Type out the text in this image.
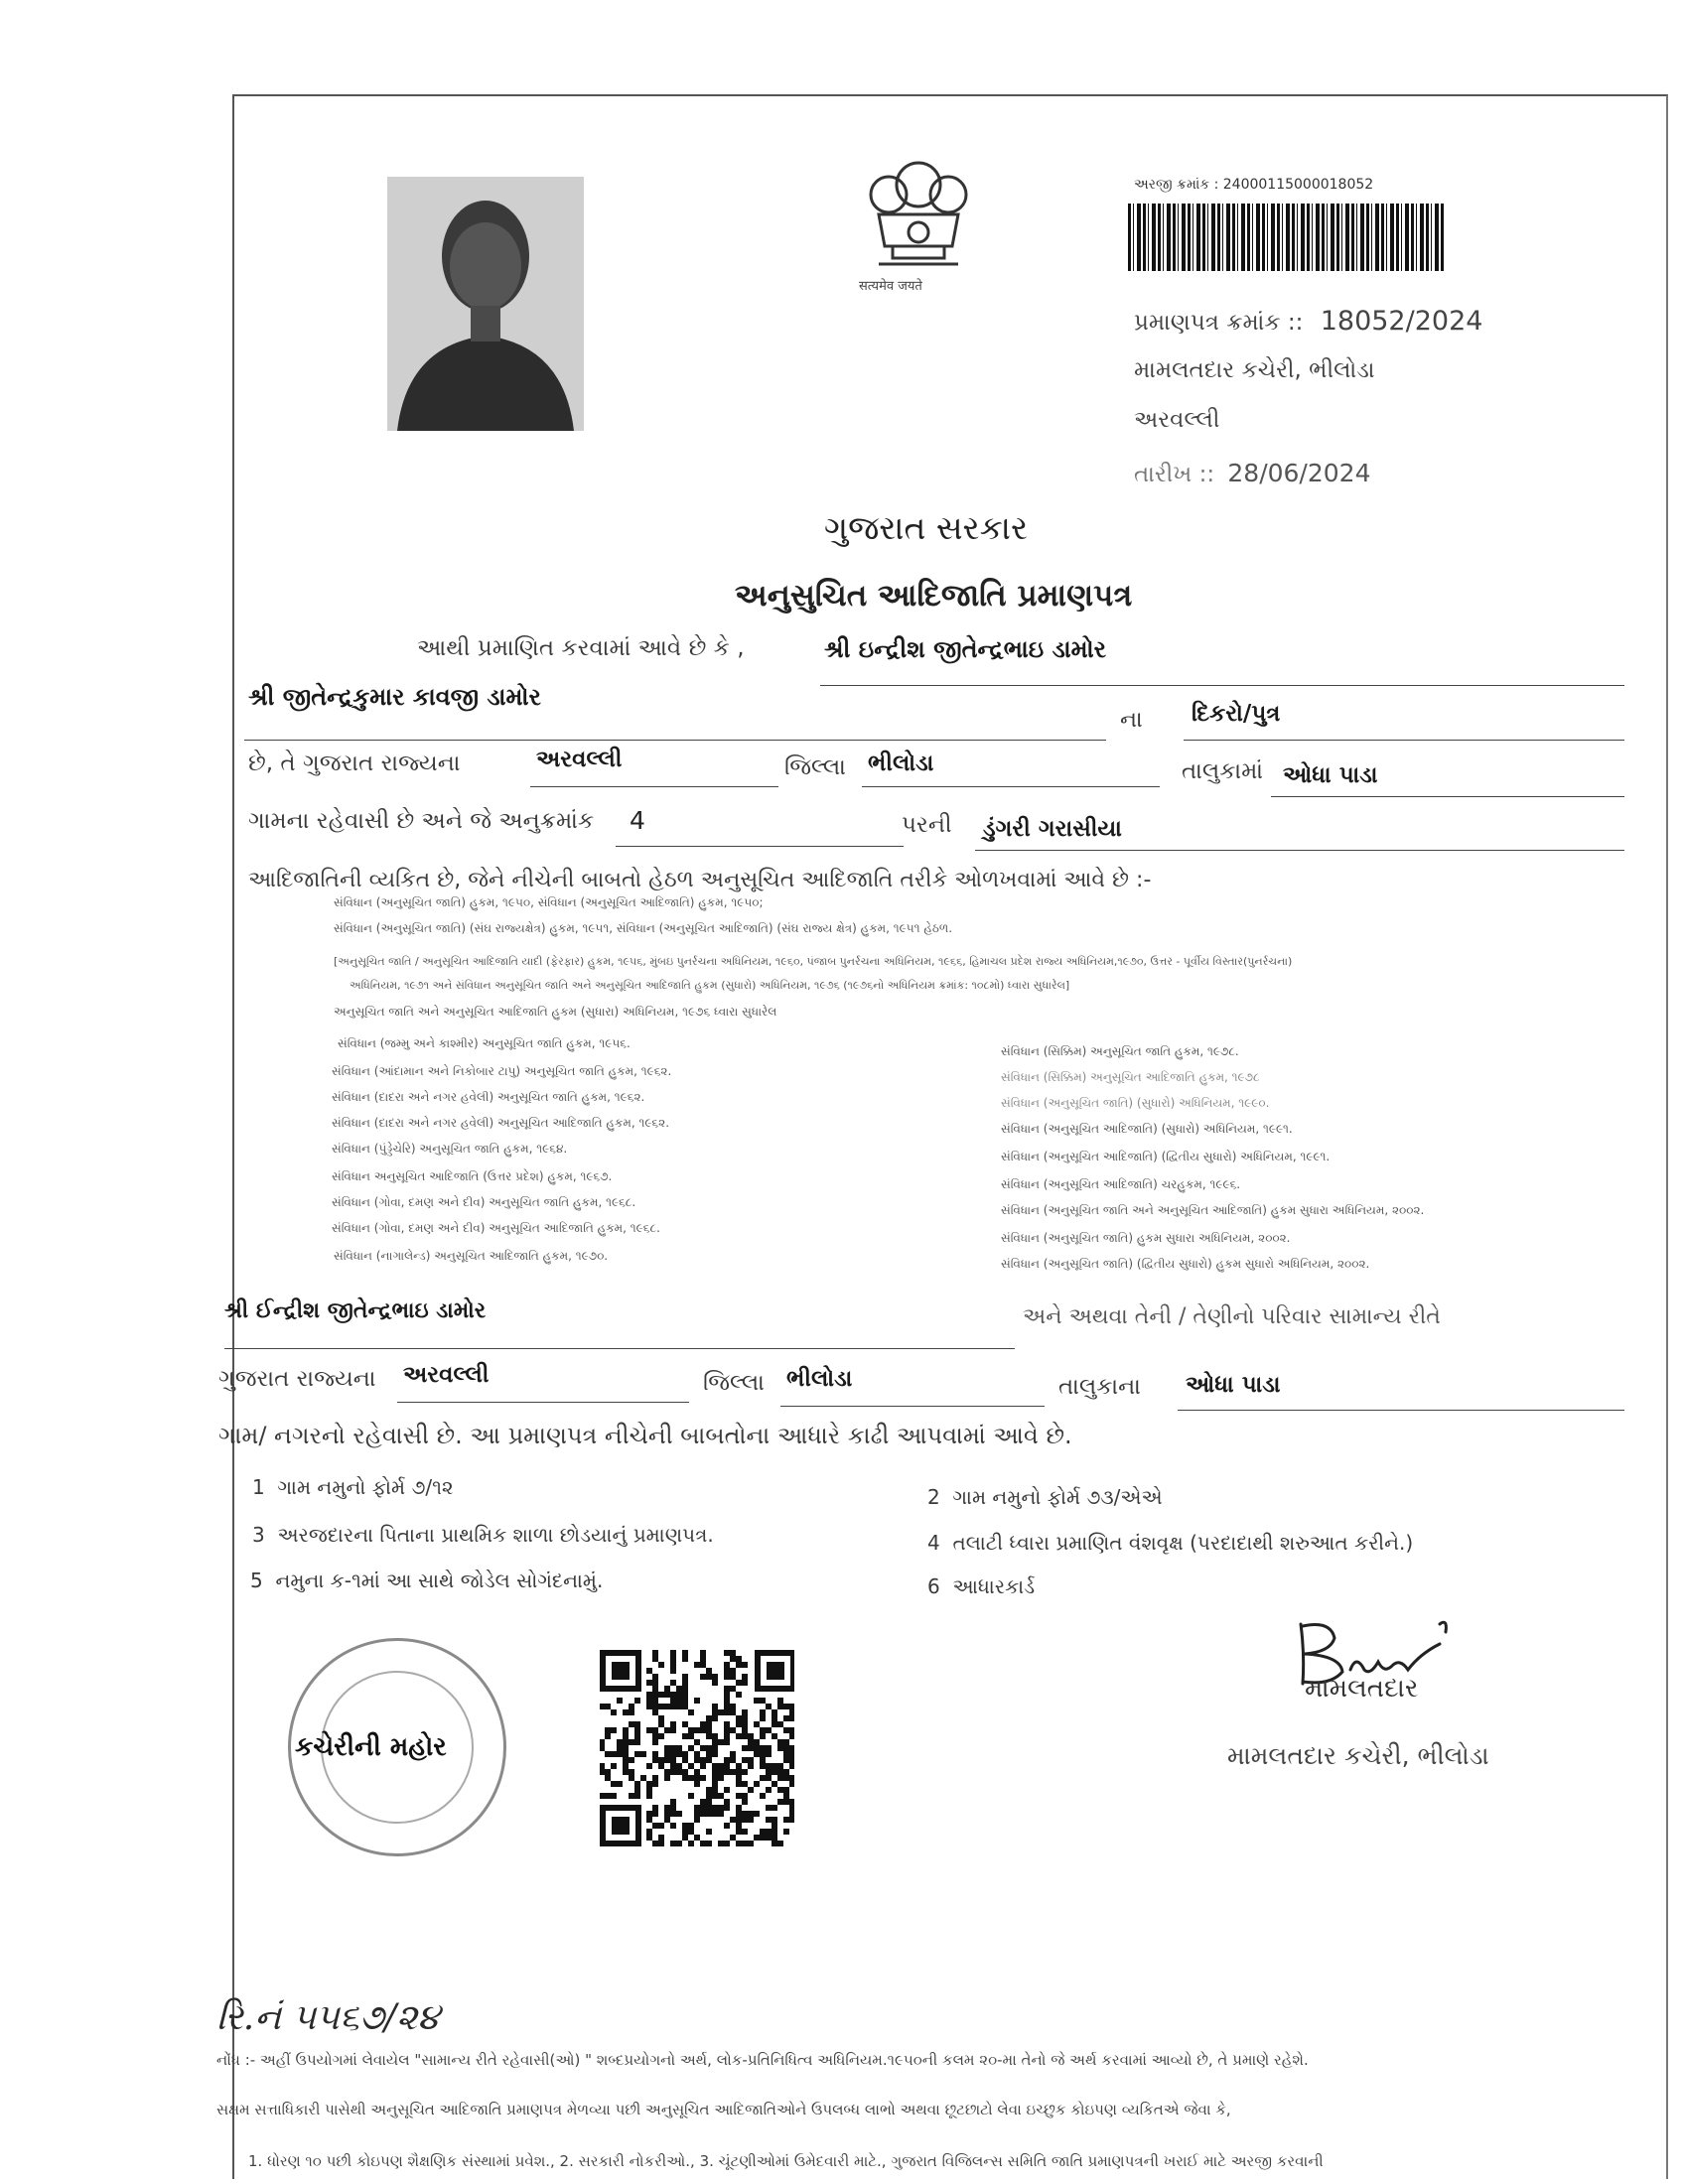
सत्यमेव जयते
અરજી ક્રમાંક : 24000115000018052
પ્રમાણપત્ર ક્રમાંક :: 18052/2024
મામલતદાર કચેરી, ભીલોડા
અરવલ્લી
તારીખ :: 28/06/2024
ગુજરાત સરકાર
અનુસુચિત આદિજાતિ પ્રમાણપત્ર
આથી પ્રમાણિત કરવામાં આવે છે કે ,	શ્રી ઇન્દ્રીશ જીતેન્દ્રભાઇ ડામોર
શ્રી જીતેન્દ્રકુમાર કાવજી ડામોર
ના દિકરો/પુત્ર
છે, તે ગુજરાત રાજ્યના	અરવલ્લી	જિલ્લા ભીલોડા	તાલુકામાં ઓધા પાડા
ગામના રહેવાસી છે અને જે અનુક્રમાંક 4	પરની ડુંગરી ગરાસીયા
આદિજાતિની વ્યકિત છે, જેને નીચેની બાબતો હેઠળ અનુસૂચિત આદિજાતિ તરીકે ઓળખવામાં આવે છે :-
સંવિધાન (અનુસૂચિત જાતિ) હુકમ, ૧૯૫૦, સંવિધાન (અનુસૂચિત આદિજાતિ) હુકમ, ૧૯૫૦;
સંવિધાન (અનુસૂચિત જાતિ) (સંઘ રાજ્યક્ષેત્ર) હુકમ, ૧૯૫૧, સંવિધાન (અનુસૂચિત આદિજાતિ) (સંઘ રાજ્ય ક્ષેત્ર) હુકમ, ૧૯૫૧ હેઠળ.
[અનુસૂચિત જાતિ / અનુસૂચિત આદિજાતિ યાદી (ફેરફાર) હુકમ, ૧૯૫૬, મુંબઇ પુનર્રચના અધિનિયમ, ૧૯૬૦, પંજાબ પુનર્રચના અધિનિયમ, ૧૯૬૬, હિમાચલ પ્રદેશ રાજ્ય અધિનિયમ,૧૯૭૦, ઉત્તર - પૂર્વીય વિસ્તાર(પુનર્રચના)
અધિનિયમ, ૧૯૭૧ અને સંવિધાન અનુસૂચિત જાતિ અને અનુસૂચિત આદિજાતિ હુકમ (સુધારો) અધિનિયમ, ૧૯૭૬ (૧૯૭૬નો અધિનિયમ ક્રમાંક: ૧૦૮મો) ધ્વારા સુધારેલ]
અનુસૂચિત જાતિ અને અનુસૂચિત આદિજાતિ હુકમ (સુધારા) અધિનિયમ, ૧૯૭૬ ધ્વારા સુધારેલ
સંવિધાન (જમ્મુ અને કાશ્મીર) અનુસૂચિત જાતિ હુકમ, ૧૯૫૬.
સંવિધાન (આંદામાન અને નિકોબાર ટાપુ) અનુસૂચિત જાતિ હુકમ, ૧૯૬૨.
સંવિધાન (દાદરા અને નગર હવેલી) અનુસૂચિત જાતિ હુકમ, ૧૯૬૨.
સંવિધાન (દાદરા અને નગર હવેલી) અનુસૂચિત આદિજાતિ હુકમ, ૧૯૬૨.
સંવિધાન (પુંડ્ડેચેરિ) અનુસૂચિત જાતિ હુકમ, ૧૯૬૪.
સંવિધાન અનુસૂચિત આદિજાતિ (ઉત્તર પ્રદેશ) હુકમ, ૧૯૬૭.
સંવિધાન (ગોવા, દમણ અને દીવ) અનુસૂચિત જાતિ હુકમ, ૧૯૬૮.
સંવિધાન (ગોવા, દમણ અને દીવ) અનુસૂચિત આદિજાતિ હુકમ, ૧૯૬૮.
સંવિધાન (નાગાલેન્ડ) અનુસૂચિત આદિજાતિ હુકમ, ૧૯૭૦.
સંવિધાન (સિક્કિમ) અનુસૂચિત જાતિ હુકમ, ૧૯૭૮.
સંવિધાન (સિક્કિમ) અનુસૂચિત આદિજાતિ હુકમ, ૧૯૭૮
સંવિધાન (અનુસૂચિત જાતિ) (સુધારો) અધિનિયમ, ૧૯૯૦.
સંવિધાન (અનુસૂચિત આદિજાતિ) (સુધારો) અધિનિયમ, ૧૯૯૧.
સંવિધાન (અનુસૂચિત આદિજાતિ) (દ્વિતીય સુધારો) અધિનિયમ, ૧૯૯૧.
સંવિધાન (અનુસૂચિત આદિજાતિ) ચરહુકમ, ૧૯૯૬.
સંવિધાન (અનુસૂચિત જાતિ અને અનુસૂચિત આદિજાતિ) હુકમ સુધારા અધિનિયમ, ૨૦૦૨.
સંવિધાન (અનુસૂચિત જાતિ) હુકમ સુધારા અધિનિયમ, ૨૦૦૨.
સંવિધાન (અનુસૂચિત જાતિ) (દ્વિતીય સુધારો) હુકમ સુધારો અધિનિયમ, ૨૦૦૨.
શ્રી ઈન્દ્રીશ જીતેન્દ્રભાઇ ડામોર	અને અથવા તેની / તેણીનો પરિવાર સામાન્ય રીતે
ગુજરાત રાજ્યના અરવલ્લી	જિલ્લા ભીલોડા	તાલુકાના ઓધા પાડા
ગામ/ નગરનો રહેવાસી છે. આ પ્રમાણપત્ર નીચેની બાબતોના આધારે કાઢી આપવામાં આવે છે.
1 ગામ નમુનો ફોર્મ ૭/૧૨	2 ગામ નમુનો ફોર્મ ૭૩/એએ
3 અરજદારના પિતાના પ્રાથમિક શાળા છોડયાનું પ્રમાણપત્ર.	4 તલાટી ધ્વારા પ્રમાણિત વંશવૃક્ષ (પરદાદાથી શરુઆત કરીને.)
5 નમુના ક-૧માં આ સાથે જોડેલ સોગંદનામું.	6 આધારકાર્ડ
કચેરીની મહોર
મામલતદાર
મામલતદાર કચેરી, ભીલોડા
રિ.નં ૫૫૬૭/૨૪
નોંધ :- અહીં ઉપયોગમાં લેવાયેલ "સામાન્ય રીતે રહેવાસી(ઓ) " શબ્દપ્રયોગનો અર્થ, લોક-પ્રતિનિધિત્વ અધિનિયમ.૧૯૫૦ની કલમ ૨૦-મા તેનો જે અર્થ કરવામાં આવ્યો છે, તે પ્રમાણે રહેશે.
સક્ષમ સત્તાધિકારી પાસેથી અનુસૂચિત આદિજાતિ પ્રમાણપત્ર મેળવ્યા પછી અનુસૂચિત આદિજાતિઓને ઉપલબ્ધ લાભો અથવા છૂટછાટો લેવા ઇચ્છુક કોઇપણ વ્યકિતએ જેવા કે,
1. ધોરણ ૧૦ પછી કોઇપણ શૈક્ષણિક સંસ્થામાં પ્રવેશ., 2. સરકારી નોકરીઓ., 3. ચૂંટણીઓમાં ઉમેદવારી માટે., ગુજરાત વિજિલન્સ સમિતિ જાતિ પ્રમાણપત્રની ખરાઈ માટે અરજી કરવાની
